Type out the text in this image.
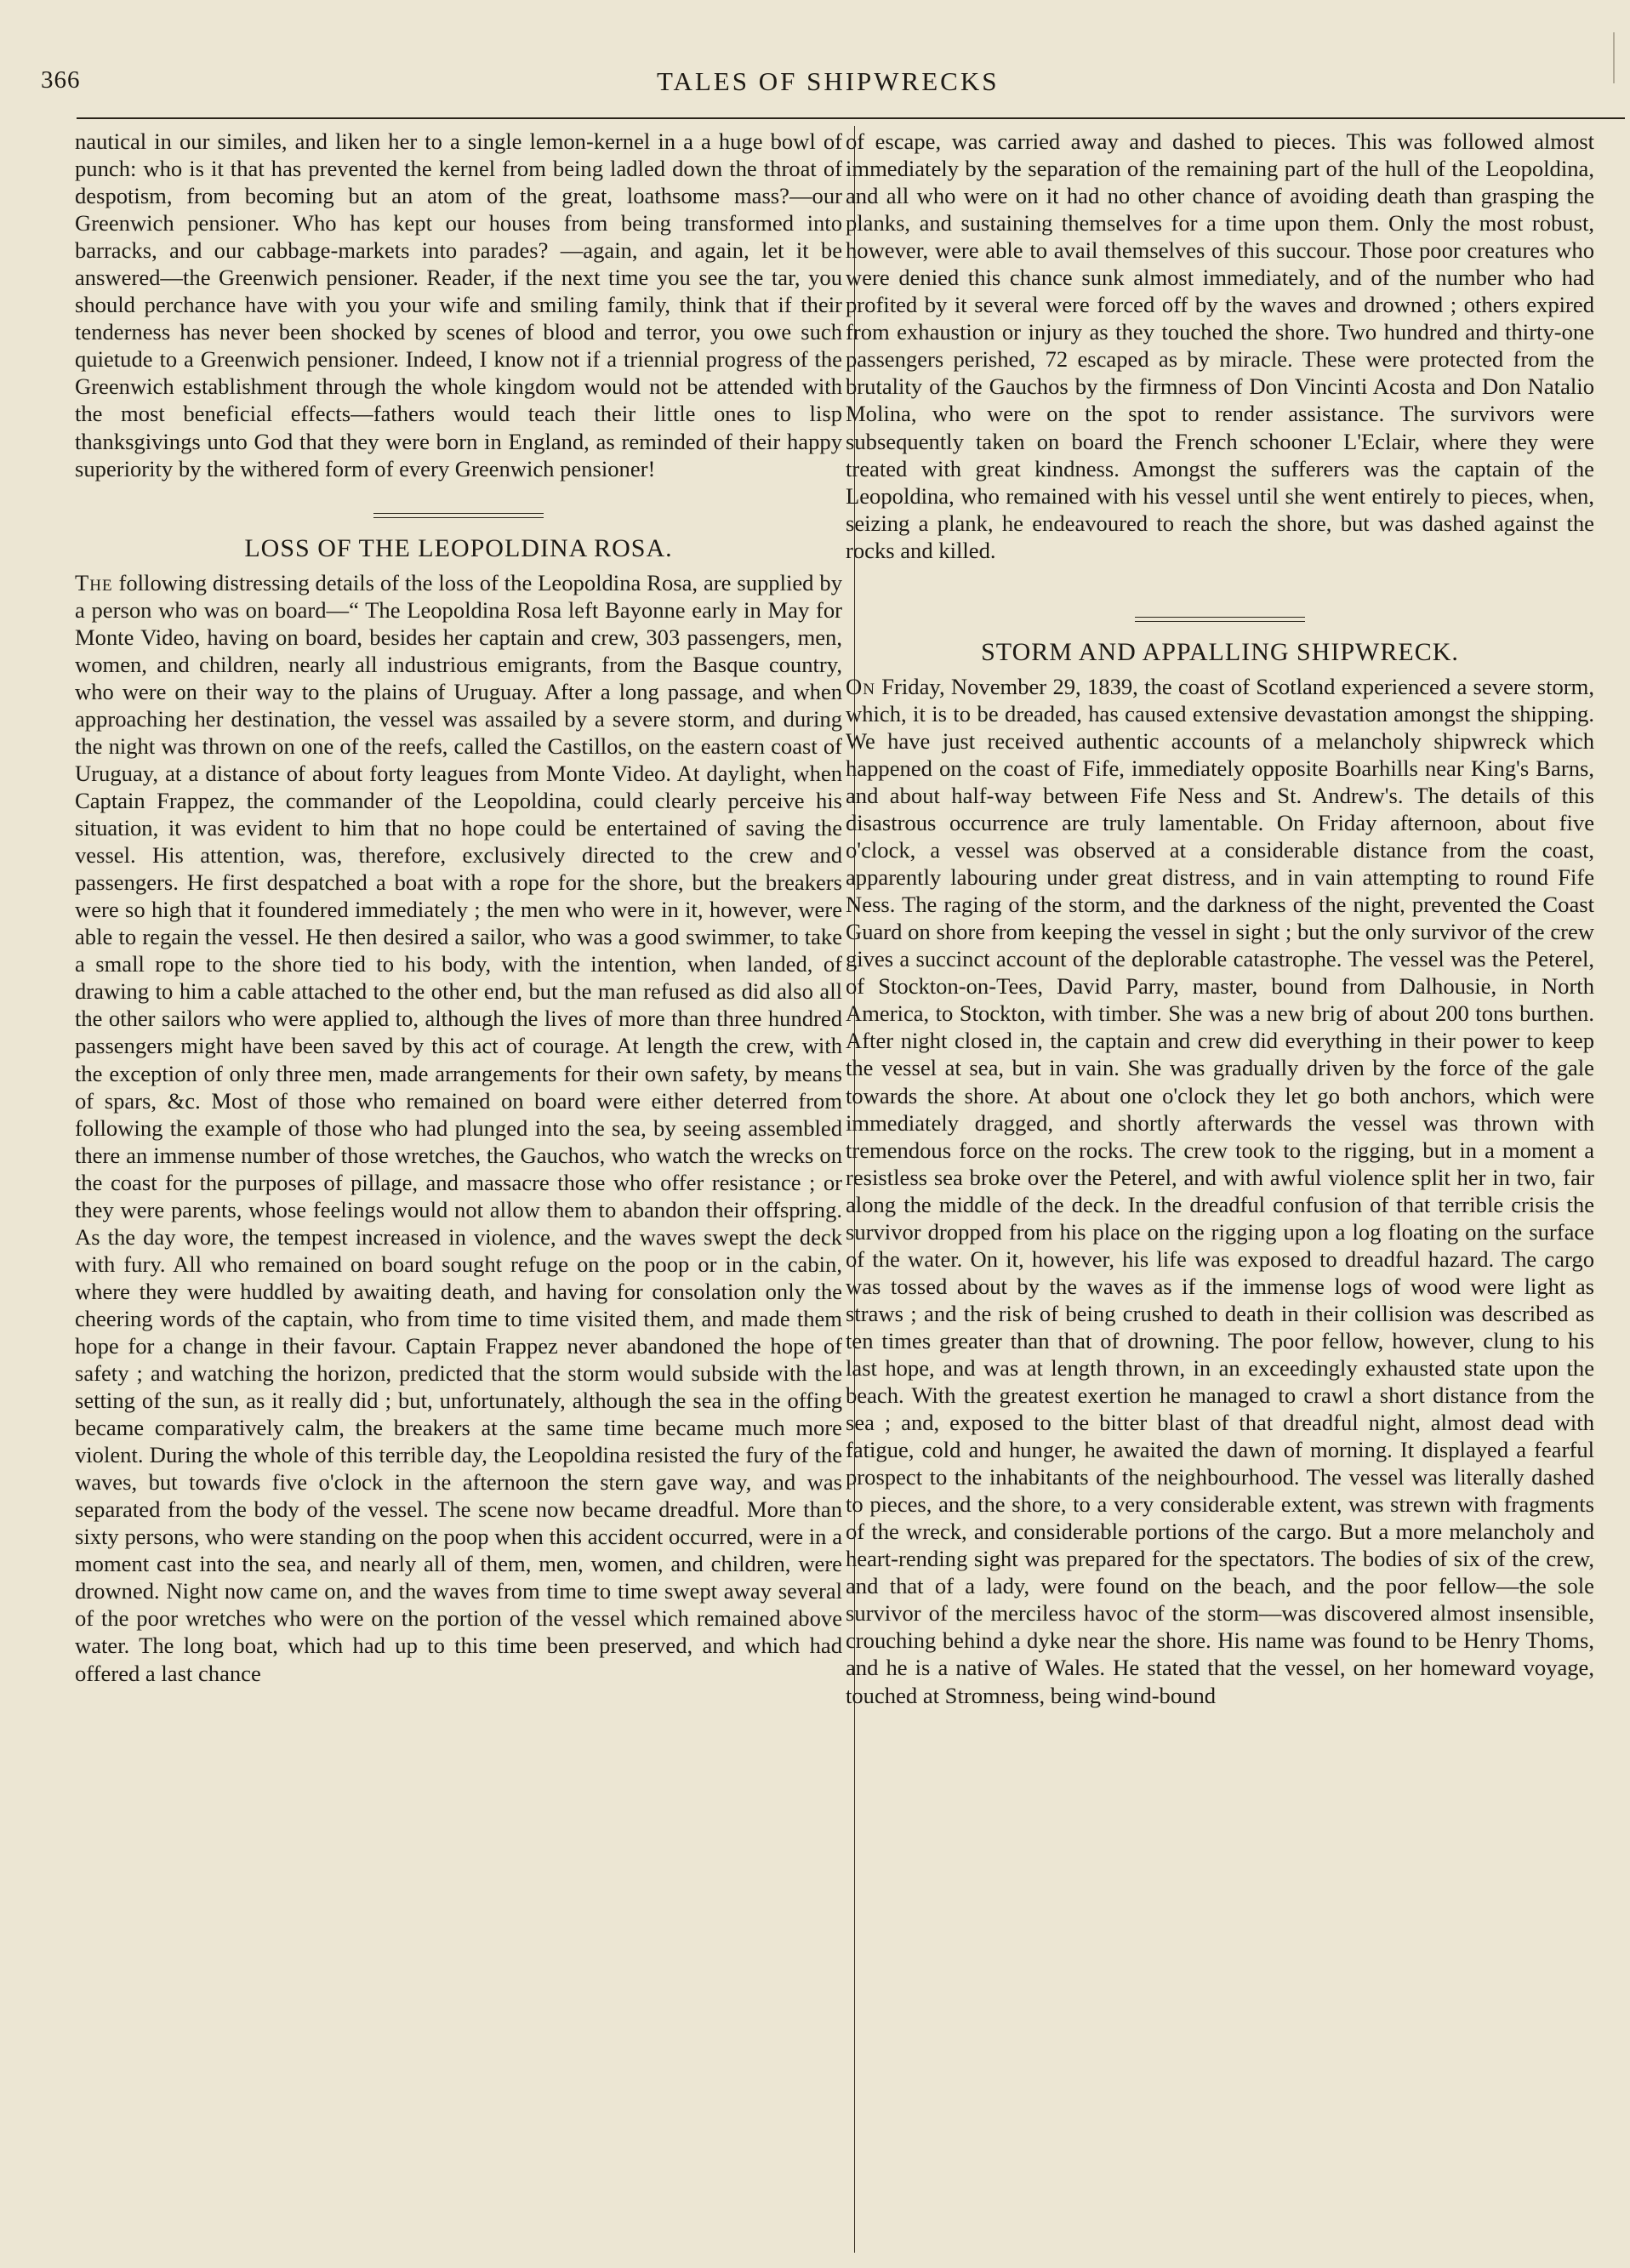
366	TALES OF SHIPWRECKS

nautical in our similes, and liken her to a single lemon-kernel in a a huge bowl of punch: who is it that has prevented the kernel from being ladled down the throat of despotism, from becoming but an atom of the great, loathsome mass?—our Greenwich pensioner. Who has kept our houses from being transformed into barracks, and our cabbage-markets into parades? —again, and again, let it be answered—the Greenwich pensioner. Reader, if the next time you see the tar, you should perchance have with you your wife and smiling family, think that if their tenderness has never been shocked by scenes of blood and terror, you owe such quietude to a Greenwich pensioner. Indeed, I know not if a triennial progress of the Greenwich establishment through the whole kingdom would not be attended with the most beneficial effects—fathers would teach their little ones to lisp thanksgivings unto God that they were born in England, as reminded of their happy superiority by the withered form of every Greenwich pensioner!

LOSS OF THE LEOPOLDINA ROSA.

The following distressing details of the loss of the Leopoldina Rosa, are supplied by a person who was on board—“ The Leopoldina Rosa left Bayonne early in May for Monte Video, having on board, besides her captain and crew, 303 passengers, men, women, and children, nearly all industrious emigrants, from the Basque country, who were on their way to the plains of Uruguay. After a long passage, and when approaching her destination, the vessel was assailed by a severe storm, and during the night was thrown on one of the reefs, called the Castillos, on the eastern coast of Uruguay, at a distance of about forty leagues from Monte Video. At daylight, when Captain Frappez, the commander of the Leopoldina, could clearly perceive his situation, it was evident to him that no hope could be entertained of saving the vessel. His attention, was, therefore, exclusively directed to the crew and passengers. He first despatched a boat with a rope for the shore, but the breakers were so high that it foundered immediately ; the men who were in it, however, were able to regain the vessel. He then desired a sailor, who was a good swimmer, to take a small rope to the shore tied to his body, with the intention, when landed, of drawing to him a cable attached to the other end, but the man refused as did also all the other sailors who were applied to, although the lives of more than three hundred passengers might have been saved by this act of courage. At length the crew, with the exception of only three men, made arrangements for their own safety, by means of spars, &c. Most of those who remained on board were either deterred from following the example of those who had plunged into the sea, by seeing assembled there an immense number of those wretches, the Gauchos, who watch the wrecks on the coast for the purposes of pillage, and massacre those who offer resistance ; or they were parents, whose feelings would not allow them to abandon their offspring. As the day wore, the tempest increased in violence, and the waves swept the deck with fury. All who remained on board sought refuge on the poop or in the cabin, where they were huddled by awaiting death, and having for consolation only the cheering words of the captain, who from time to time visited them, and made them hope for a change in their favour. Captain Frappez never abandoned the hope of safety ; and watching the horizon, predicted that the storm would subside with the setting of the sun, as it really did ; but, unfortunately, although the sea in the offing became comparatively calm, the breakers at the same time became much more violent. During the whole of this terrible day, the Leopoldina resisted the fury of the waves, but towards five o'clock in the afternoon the stern gave way, and was separated from the body of the vessel. The scene now became dreadful. More than sixty persons, who were standing on the poop when this accident occurred, were in a moment cast into the sea, and nearly all of them, men, women, and children, were drowned. Night now came on, and the waves from time to time swept away several of the poor wretches who were on the portion of the vessel which remained above water. The long boat, which had up to this time been preserved, and which had offered a last chance

of escape, was carried away and dashed to pieces. This was followed almost immediately by the separation of the remaining part of the hull of the Leopoldina, and all who were on it had no other chance of avoiding death than grasping the planks, and sustaining themselves for a time upon them. Only the most robust, however, were able to avail themselves of this succour. Those poor creatures who were denied this chance sunk almost immediately, and of the number who had profited by it several were forced off by the waves and drowned ; others expired from exhaustion or injury as they touched the shore. Two hundred and thirty-one passengers perished, 72 escaped as by miracle. These were protected from the brutality of the Gauchos by the firmness of Don Vincinti Acosta and Don Natalio Molina, who were on the spot to render assistance. The survivors were subsequently taken on board the French schooner L'Eclair, where they were treated with great kindness. Amongst the sufferers was the captain of the Leopoldina, who remained with his vessel until she went entirely to pieces, when, seizing a plank, he endeavoured to reach the shore, but was dashed against the rocks and killed.

STORM AND APPALLING SHIPWRECK.

On Friday, November 29, 1839, the coast of Scotland experienced a severe storm, which, it is to be dreaded, has caused extensive devastation amongst the shipping. We have just received authentic accounts of a melancholy shipwreck which happened on the coast of Fife, immediately opposite Boarhills near King's Barns, and about half-way between Fife Ness and St. Andrew's. The details of this disastrous occurrence are truly lamentable. On Friday afternoon, about five o'clock, a vessel was observed at a considerable distance from the coast, apparently labouring under great distress, and in vain attempting to round Fife Ness. The raging of the storm, and the darkness of the night, prevented the Coast Guard on shore from keeping the vessel in sight ; but the only survivor of the crew gives a succinct account of the deplorable catastrophe. The vessel was the Peterel, of Stockton-on-Tees, David Parry, master, bound from Dalhousie, in North America, to Stockton, with timber. She was a new brig of about 200 tons burthen. After night closed in, the captain and crew did everything in their power to keep the vessel at sea, but in vain. She was gradually driven by the force of the gale towards the shore. At about one o'clock they let go both anchors, which were immediately dragged, and shortly afterwards the vessel was thrown with tremendous force on the rocks. The crew took to the rigging, but in a moment a resistless sea broke over the Peterel, and with awful violence split her in two, fair along the middle of the deck. In the dreadful confusion of that terrible crisis the survivor dropped from his place on the rigging upon a log floating on the surface of the water. On it, however, his life was exposed to dreadful hazard. The cargo was tossed about by the waves as if the immense logs of wood were light as straws ; and the risk of being crushed to death in their collision was described as ten times greater than that of drowning. The poor fellow, however, clung to his last hope, and was at length thrown, in an exceedingly exhausted state upon the beach. With the greatest exertion he managed to crawl a short distance from the sea ; and, exposed to the bitter blast of that dreadful night, almost dead with fatigue, cold and hunger, he awaited the dawn of morning. It displayed a fearful prospect to the inhabitants of the neighbourhood. The vessel was literally dashed to pieces, and the shore, to a very considerable extent, was strewn with fragments of the wreck, and considerable portions of the cargo. But a more melancholy and heart-rending sight was prepared for the spectators. The bodies of six of the crew, and that of a lady, were found on the beach, and the poor fellow—the sole survivor of the merciless havoc of the storm—was discovered almost insensible, crouching behind a dyke near the shore. His name was found to be Henry Thoms, and he is a native of Wales. He stated that the vessel, on her homeward voyage, touched at Stromness, being wind-bound
